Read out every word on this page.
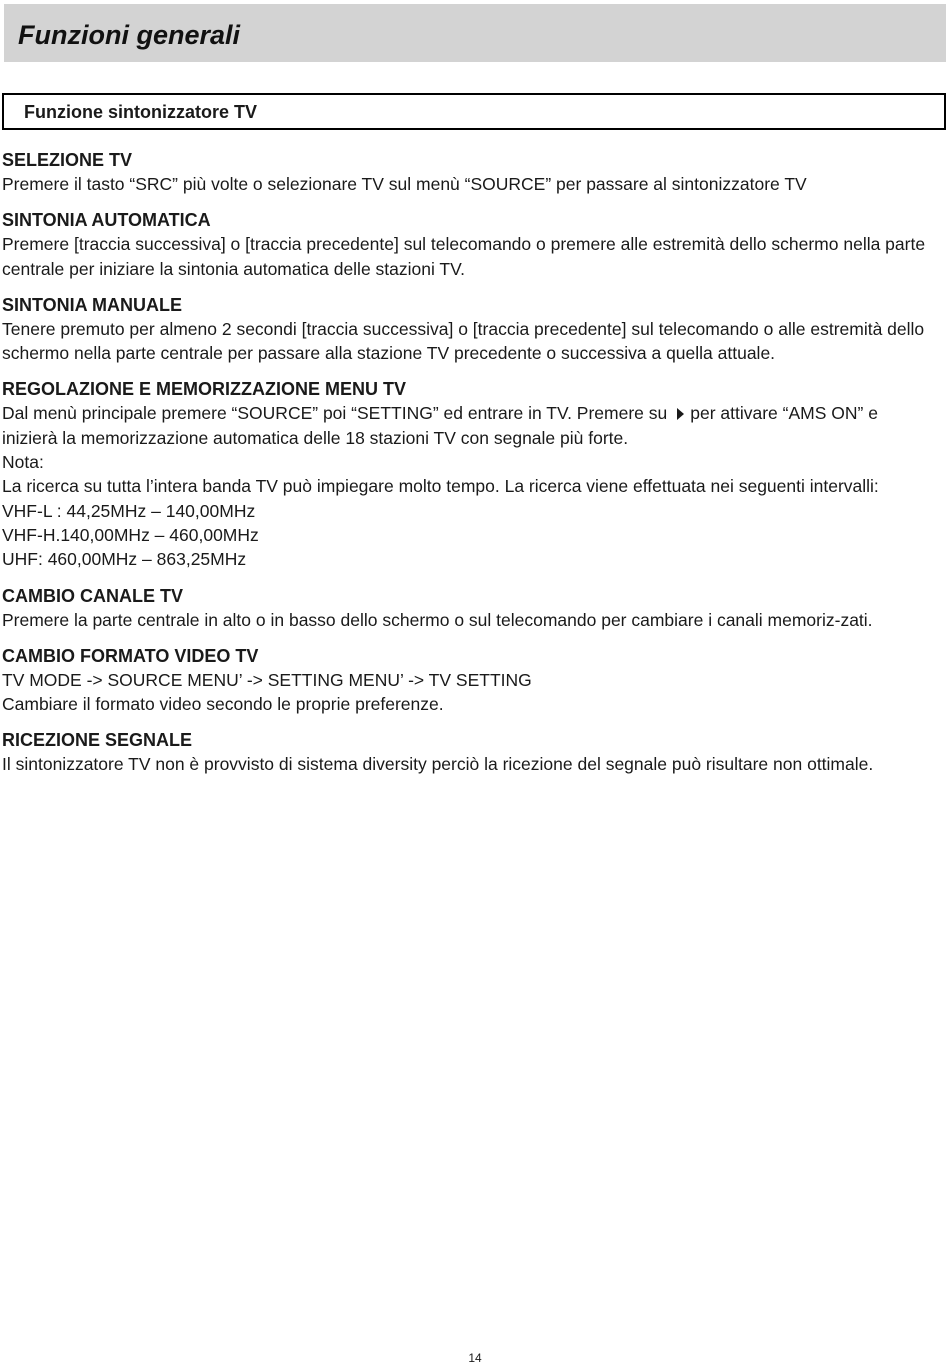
Funzioni generali
Funzione sintonizzatore TV
SELEZIONE TV

Premere il tasto “SRC” più volte o selezionare TV sul menù “SOURCE” per passare al sintonizzatore TV

SINTONIA AUTOMATICA

Premere [traccia successiva] o [traccia precedente] sul telecomando o premere alle estremità dello schermo nella parte centrale per iniziare la sintonia automatica delle stazioni TV.

SINTONIA MANUALE

Tenere premuto per almeno 2 secondi [traccia successiva] o [traccia precedente] sul telecomando o alle estremità dello schermo nella parte centrale per passare alla stazione TV precedente o successiva a quella attuale.

REGOLAZIONE E MEMORIZZAZIONE MENU TV

Dal menù principale premere “SOURCE” poi “SETTING” ed entrare in TV. Premere su per attivare “AMS ON” e inizierà la memorizzazione automatica delle 18 stazioni TV con segnale più forte.

Nota:

La ricerca su tutta l’intera banda TV può impiegare molto tempo. La ricerca viene effettuata nei seguenti intervalli:

VHF-L : 44,25MHz – 140,00MHz

VHF-H.140,00MHz – 460,00MHz

UHF: 460,00MHz – 863,25MHz

CAMBIO CANALE TV

Premere la parte centrale in alto o in basso dello schermo o sul telecomando per cambiare i canali memoriz-zati.

CAMBIO FORMATO VIDEO TV

TV MODE -> SOURCE MENU’ -> SETTING MENU’ -> TV SETTING

Cambiare il formato video secondo le proprie preferenze.

RICEZIONE SEGNALE

Il sintonizzatore TV non è provvisto di sistema diversity perciò la ricezione del segnale può risultare non ottimale.

14
